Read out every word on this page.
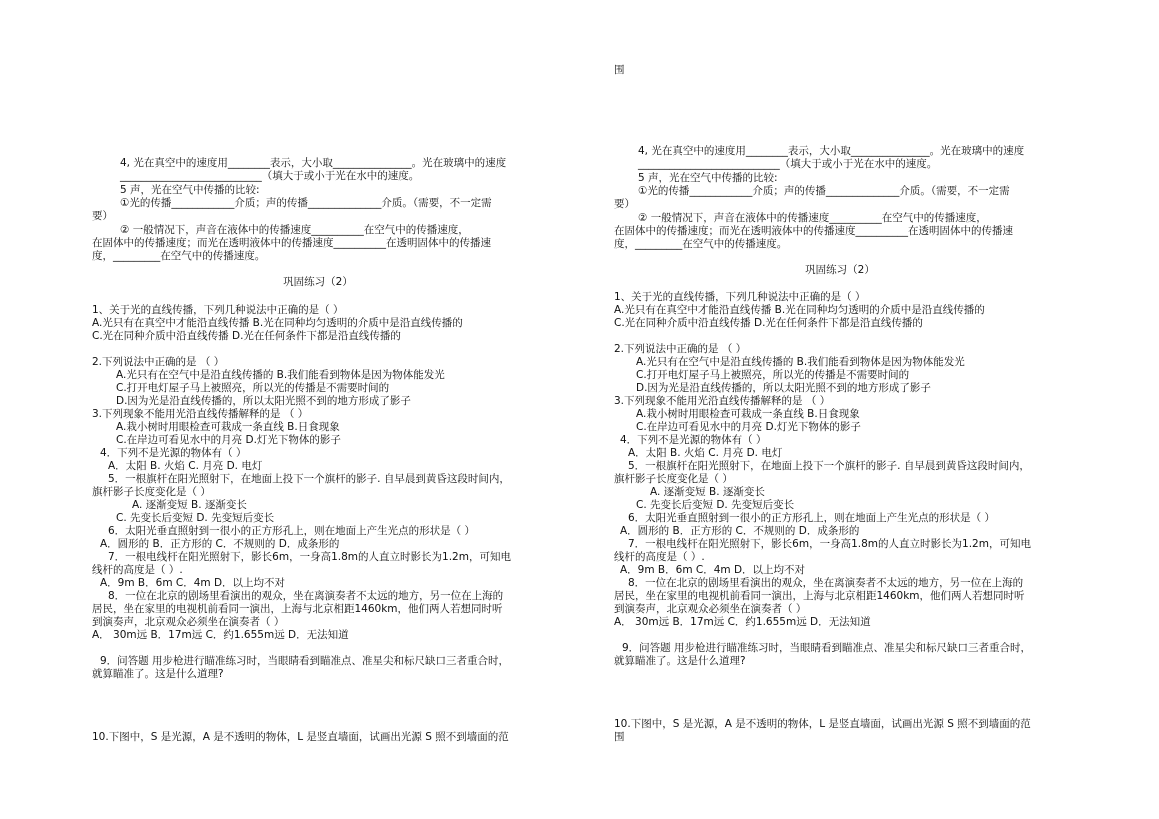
4, 光在真空中的速度用________表示，大小取_______________。光在玻璃中的速度
___________________________（填大于或小于光在水中的速度。
5 声，光在空气中传播的比较:
①光的传播____________介质；声的传播______________介质。（需要，不一定需
要）
② 一般情况下，声音在液体中的传播速度__________在空气中的传播速度，
在固体中的传播速度；而光在透明液体中的传播速度__________在透明固体中的传播速
度，_________在空气中的传播速度。
巩固练习（2）
1、关于光的直线传播，下列几种说法中正确的是（ ）
A.光只有在真空中才能沿直线传播 B.光在同种均匀透明的介质中是沿直线传播的
C.光在同种介质中沿直线传播 D.光在任何条件下都是沿直线传播的
2.下列说法中正确的是 （ ）
A.光只有在空气中是沿直线传播的 B.我们能看到物体是因为物体能发光
C.打开电灯屋子马上被照亮，所以光的传播是不需要时间的
D.因为光是沿直线传播的，所以太阳光照不到的地方形成了影子
3.下列现象不能用光沿直线传播解释的是 （ ）
A.栽小树时用眼检查可栽成一条直线 B.日食现象
C.在岸边可看见水中的月亮 D.灯光下物体的影子
4．下列不是光源的物体有（ ）
A．太阳 B. 火焰 C. 月亮 D. 电灯
5．一根旗杆在阳光照射下，在地面上投下一个旗杆的影子. 自早晨到黄昏这段时间内，
旗杆影子长度变化是（ ）
A. 逐渐变短 B. 逐渐变长
C. 先变长后变短 D. 先变短后变长
6．太阳光垂直照射到一很小的正方形孔上，则在地面上产生光点的形状是（ ）
A．圆形的 B．正方形的 C．不规则的 D．成条形的
7．一根电线杆在阳光照射下，影长6m，一身高1.8m的人直立时影长为1.2m，可知电
线杆的高度是（ ）.
A．9m B．6m C．4m D．以上均不对
8．一位在北京的剧场里看演出的观众，坐在离演奏者不太远的地方，另一位在上海的
居民，坐在家里的电视机前看同一演出，上海与北京相距1460km，他们两人若想同时听
到演奏声，北京观众必须坐在演奏者（ ）
A． 30m远 B．17m远 C．约1.655m远 D．无法知道
9．问答题 用步枪进行瞄准练习时，当眼睛看到瞄准点、准星尖和标尺缺口三者重合时，
就算瞄准了。这是什么道理?
10.下图中，S 是光源，A 是不透明的物体，L 是竖直墙面，试画出光源 S 照不到墙面的范
围
4, 光在真空中的速度用________表示，大小取_______________。光在玻璃中的速度
___________________________（填大于或小于光在水中的速度。
5 声，光在空气中传播的比较:
①光的传播____________介质；声的传播______________介质。（需要，不一定需
要）
② 一般情况下，声音在液体中的传播速度__________在空气中的传播速度，
在固体中的传播速度；而光在透明液体中的传播速度__________在透明固体中的传播速
度，_________在空气中的传播速度。
巩固练习（2）
1、关于光的直线传播，下列几种说法中正确的是（ ）
A.光只有在真空中才能沿直线传播 B.光在同种均匀透明的介质中是沿直线传播的
C.光在同种介质中沿直线传播 D.光在任何条件下都是沿直线传播的
2.下列说法中正确的是 （ ）
A.光只有在空气中是沿直线传播的 B.我们能看到物体是因为物体能发光
C.打开电灯屋子马上被照亮，所以光的传播是不需要时间的
D.因为光是沿直线传播的，所以太阳光照不到的地方形成了影子
3.下列现象不能用光沿直线传播解释的是 （ ）
A.栽小树时用眼检查可栽成一条直线 B.日食现象
C.在岸边可看见水中的月亮 D.灯光下物体的影子
4．下列不是光源的物体有（ ）
A．太阳 B. 火焰 C. 月亮 D. 电灯
5．一根旗杆在阳光照射下，在地面上投下一个旗杆的影子. 自早晨到黄昏这段时间内，
旗杆影子长度变化是（ ）
A. 逐渐变短 B. 逐渐变长
C. 先变长后变短 D. 先变短后变长
6．太阳光垂直照射到一很小的正方形孔上，则在地面上产生光点的形状是（ ）
A．圆形的 B．正方形的 C．不规则的 D．成条形的
7．一根电线杆在阳光照射下，影长6m，一身高1.8m的人直立时影长为1.2m，可知电
线杆的高度是（ ）.
A．9m B．6m C．4m D．以上均不对
8．一位在北京的剧场里看演出的观众，坐在离演奏者不太远的地方，另一位在上海的
居民，坐在家里的电视机前看同一演出，上海与北京相距1460km，他们两人若想同时听
到演奏声，北京观众必须坐在演奏者（ ）
A． 30m远 B．17m远 C．约1.655m远 D．无法知道
9．问答题 用步枪进行瞄准练习时，当眼睛看到瞄准点、准星尖和标尺缺口三者重合时，
就算瞄准了。这是什么道理?
10.下图中，S 是光源，A 是不透明的物体，L 是竖直墙面，试画出光源 S 照不到墙面的范
围
